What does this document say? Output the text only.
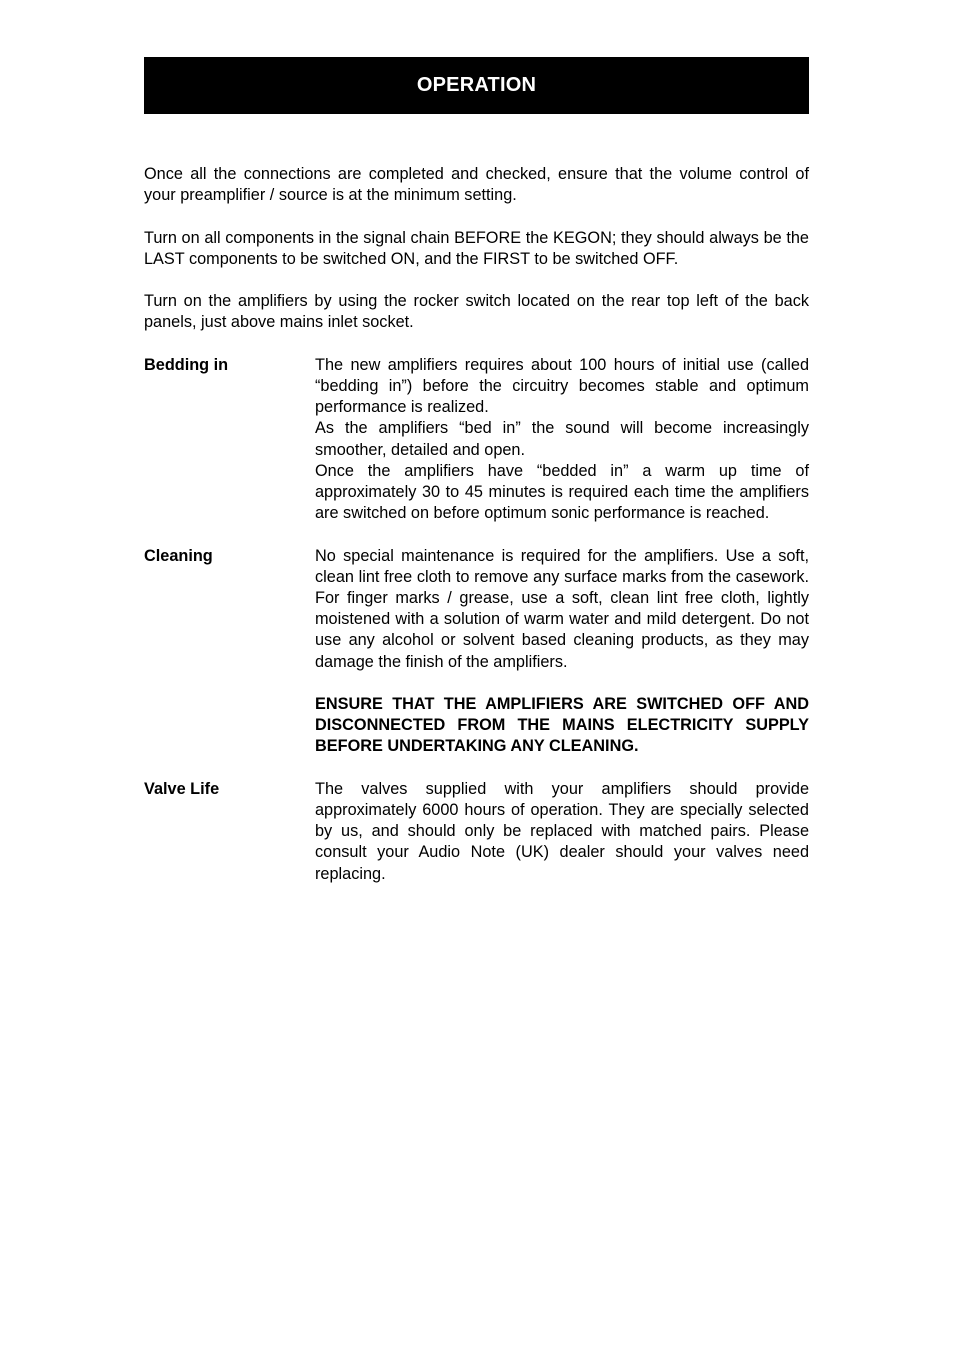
OPERATION

Once all the connections are completed and checked, ensure that the volume control of your preamplifier / source is at the minimum setting.

Turn on all components in the signal chain BEFORE the KEGON; they should always be the LAST components to be switched ON, and the FIRST to be switched OFF.

Turn on the amplifiers by using the rocker switch located on the rear top left of the back panels, just above mains inlet socket.

Bedding in	The new amplifiers requires about 100 hours of initial use (called “bedding in”) before the circuitry becomes stable and optimum performance is realized.

As the amplifiers “bed in” the sound will become increasingly smoother, detailed and open.

Once the amplifiers have “bedded in” a warm up time of approximately 30 to 45 minutes is required each time the amplifiers are switched on before optimum sonic performance is reached.

Cleaning	No special maintenance is required for the amplifiers. Use a soft, clean lint free cloth to remove any surface marks from the casework. For finger marks / grease, use a soft, clean lint free cloth, lightly moistened with a solution of warm water and mild detergent. Do not use any alcohol or solvent based cleaning products, as they may damage the finish of the amplifiers.

ENSURE THAT THE AMPLIFIERS ARE SWITCHED OFF AND DISCONNECTED FROM THE MAINS ELECTRICITY SUPPLY BEFORE UNDERTAKING ANY CLEANING.

Valve Life	The valves supplied with your amplifiers should provide approximately 6000 hours of operation. They are specially selected by us, and should only be replaced with matched pairs. Please consult your Audio Note (UK) dealer should your valves need replacing.
